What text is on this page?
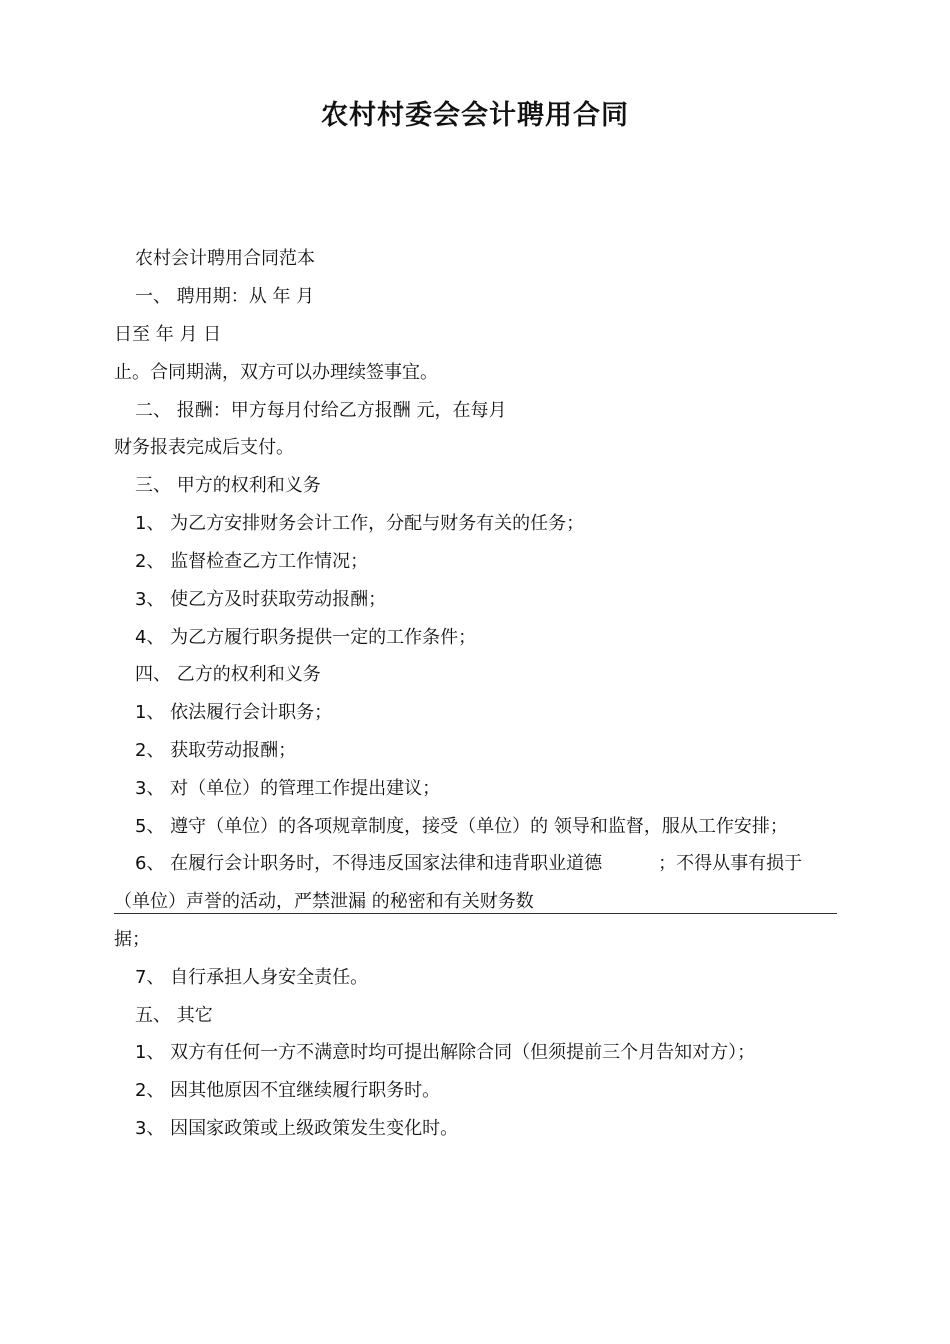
农村村委会会计聘用合同

农村会计聘用合同范本

一、 聘用期：从 年 月

日至 年 月 日

止。合同期满，双方可以办理续签事宜。

二、 报酬：甲方每月付给乙方报酬 元，在每月

财务报表完成后支付。

三、 甲方的权利和义务

1、 为乙方安排财务会计工作，分配与财务有关的任务；

2、 监督检查乙方工作情况；

3、 使乙方及时获取劳动报酬；

4、 为乙方履行职务提供一定的工作条件；

四、 乙方的权利和义务

1、 依法履行会计职务；

2、 获取劳动报酬；

3、 对（单位）的管理工作提出建议；

5、 遵守（单位）的各项规章制度，接受（单位）的 领导和监督，服从工作安排；

6、 在履行会计职务时，不得违反国家法律和违背职业道德	；不得从事有损于

（单位）声誉的活动，严禁泄漏 的秘密和有关财务数

据；

7、 自行承担人身安全责任。

五、 其它

1、 双方有任何一方不满意时均可提出解除合同（但须提前三个月告知对方）；

2、 因其他原因不宜继续履行职务时。

3、 因国家政策或上级政策发生变化时。
